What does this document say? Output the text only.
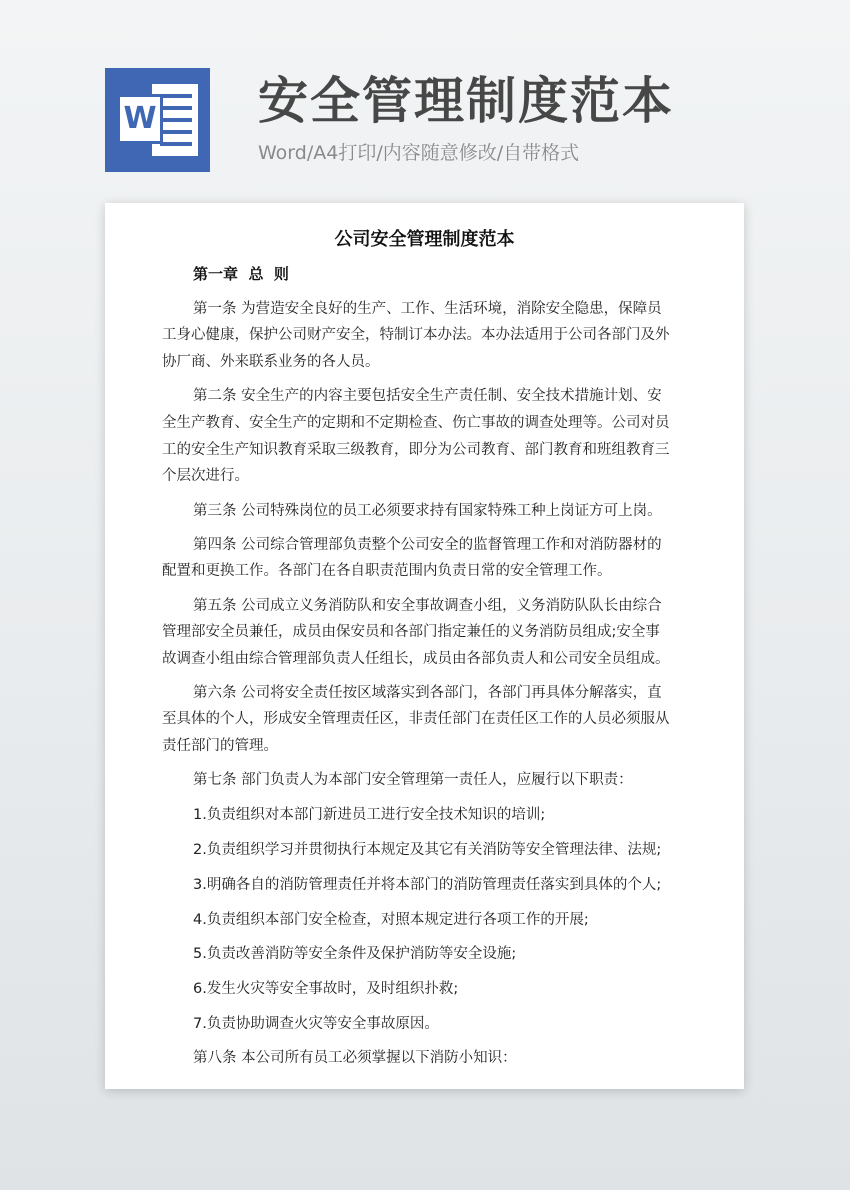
W 安全管理制度范本
Word/A4打印/内容随意修改/自带格式
公司安全管理制度范本
第一章  总  则
第一条 为营造安全良好的生产、工作、生活环境，消除安全隐患，保障员
工身心健康，保护公司财产安全，特制订本办法。本办法适用于公司各部门及外
协厂商、外来联系业务的各人员。
第二条 安全生产的内容主要包括安全生产责任制、安全技术措施计划、安
全生产教育、安全生产的定期和不定期检查、伤亡事故的调查处理等。公司对员
工的安全生产知识教育采取三级教育，即分为公司教育、部门教育和班组教育三
个层次进行。
第三条 公司特殊岗位的员工必须要求持有国家特殊工种上岗证方可上岗。
第四条 公司综合管理部负责整个公司安全的监督管理工作和对消防器材的
配置和更换工作。各部门在各自职责范围内负责日常的安全管理工作。
第五条 公司成立义务消防队和安全事故调查小组，义务消防队队长由综合
管理部安全员兼任，成员由保安员和各部门指定兼任的义务消防员组成;安全事
故调查小组由综合管理部负责人任组长，成员由各部负责人和公司安全员组成。
第六条 公司将安全责任按区域落实到各部门，各部门再具体分解落实，直
至具体的个人，形成安全管理责任区，非责任部门在责任区工作的人员必须服从
责任部门的管理。
第七条 部门负责人为本部门安全管理第一责任人，应履行以下职责：
1.负责组织对本部门新进员工进行安全技术知识的培训;
2.负责组织学习并贯彻执行本规定及其它有关消防等安全管理法律、法规;
3.明确各自的消防管理责任并将本部门的消防管理责任落实到具体的个人;
4.负责组织本部门安全检查，对照本规定进行各项工作的开展;
5.负责改善消防等安全条件及保护消防等安全设施;
6.发生火灾等安全事故时，及时组织扑救;
7.负责协助调查火灾等安全事故原因。
第八条 本公司所有员工必须掌握以下消防小知识：
